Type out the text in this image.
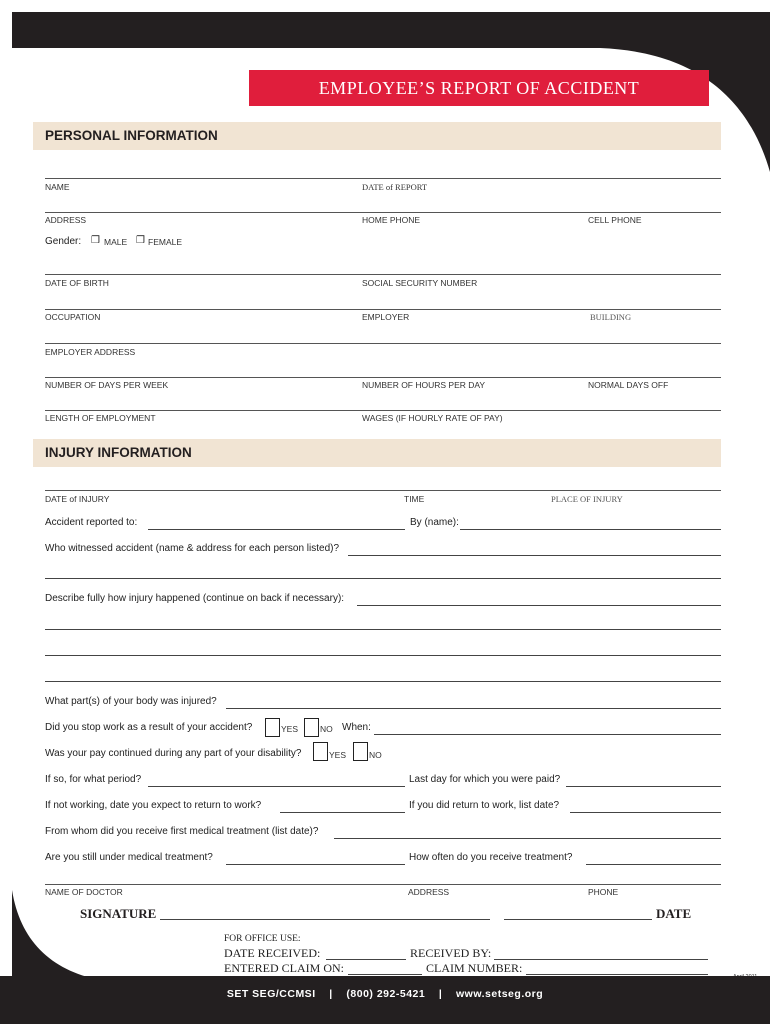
EMPLOYEE’S REPORT OF ACCIDENT
PERSONAL INFORMATION
NAME	DATE of REPORT
ADDRESS	HOME PHONE	CELL PHONE
Gender: ❒ MALE ❒ FEMALE
DATE OF BIRTH	SOCIAL SECURITY NUMBER
OCCUPATION	EMPLOYER	BUILDING
EMPLOYER ADDRESS
NUMBER OF DAYS PER WEEK	NUMBER OF HOURS PER DAY	NORMAL DAYS OFF
LENGTH OF EMPLOYMENT	WAGES (IF HOURLY RATE OF PAY)
INJURY INFORMATION
DATE of INJURY	TIME	PLACE OF INJURY
Accident reported to:	By (name):
Who witnessed accident (name & address for each person listed)?
Describe fully how injury happened (continue on back if necessary):
What part(s) of your body was injured?
Did you stop work as a result of your accident?	YES	NO When:
Was your pay continued during any part of your disability?	YES	NO
If so, for what period?	Last day for which you were paid?
If not working, date you expect to return to work?	If you did return to work, list date?
From whom did you receive first medical treatment (list date)?
Are you still under medical treatment?	How often do you receive treatment?
NAME OF DOCTOR	ADDRESS	PHONE
SIGNATURE	DATE
FOR OFFICE USE:
DATE RECEIVED:	RECEIVED BY:
ENTERED CLAIM ON:	CLAIM NUMBER:
SET SEG/CCMSI | (800) 292-5421 | www.setseg.org
